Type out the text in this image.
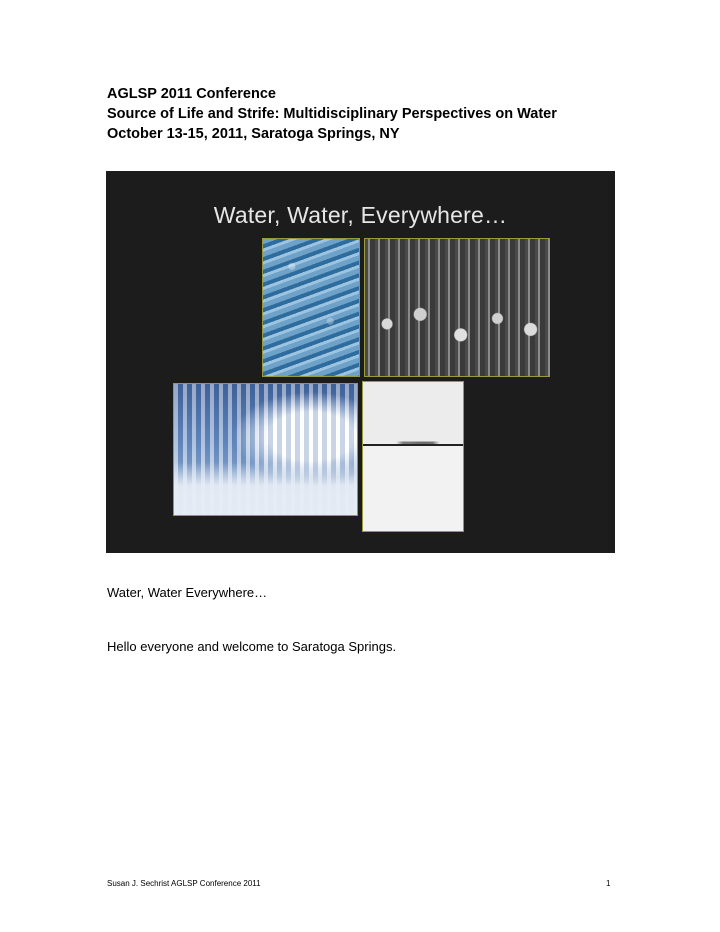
AGLSP 2011 Conference
Source of Life and Strife: Multidisciplinary Perspectives on Water
October 13-15, 2011, Saratoga Springs, NY
Water, Water, Everywhere…
Water, Water Everywhere…
Hello everyone and welcome to Saratoga Springs.
Susan J. Sechrist AGLSP Conference 2011	1
